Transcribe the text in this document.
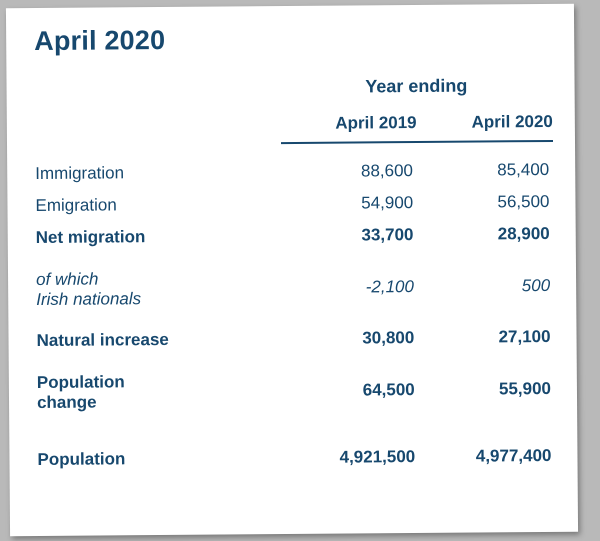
April 2020
	Year ending	
	April 2019	April 2020

Immigration	88,600	85,400
Emigration	54,900	56,500
Net migration	33,700	28,900

of which
Irish nationals	-2,100	500

Natural increase	30,800	27,100

Population
change	64,500	55,900

Population	4,921,500	4,977,400
